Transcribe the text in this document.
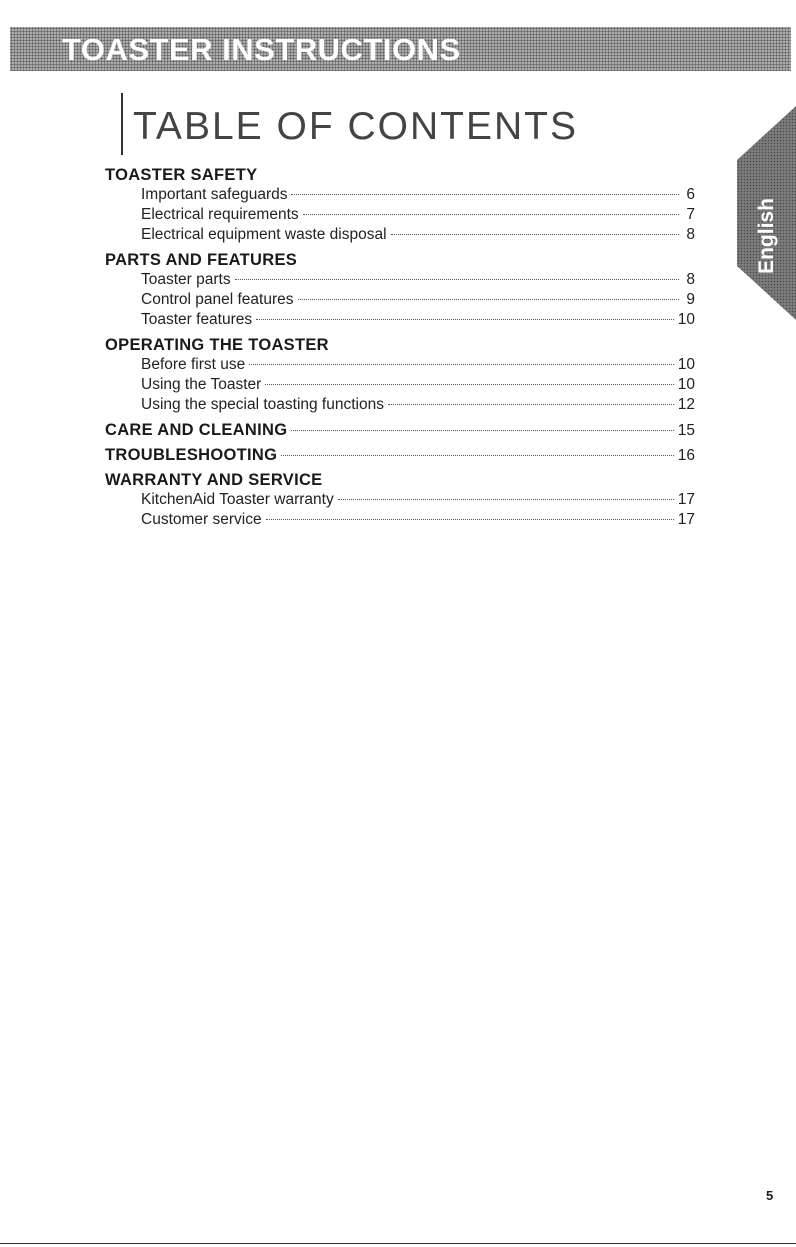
TOASTER INSTRUCTIONS
TABLE OF CONTENTS
English
TOASTER SAFETY
Important safeguards	6
Electrical requirements	7
Electrical equipment waste disposal	8
PARTS AND FEATURES
Toaster parts	8
Control panel features	9
Toaster features	10
OPERATING THE TOASTER
Before first use	10
Using the Toaster	10
Using the special toasting functions	12
CARE AND CLEANING	15
TROUBLESHOOTING	16
WARRANTY AND SERVICE
KitchenAid Toaster warranty	17
Customer service	17
5
